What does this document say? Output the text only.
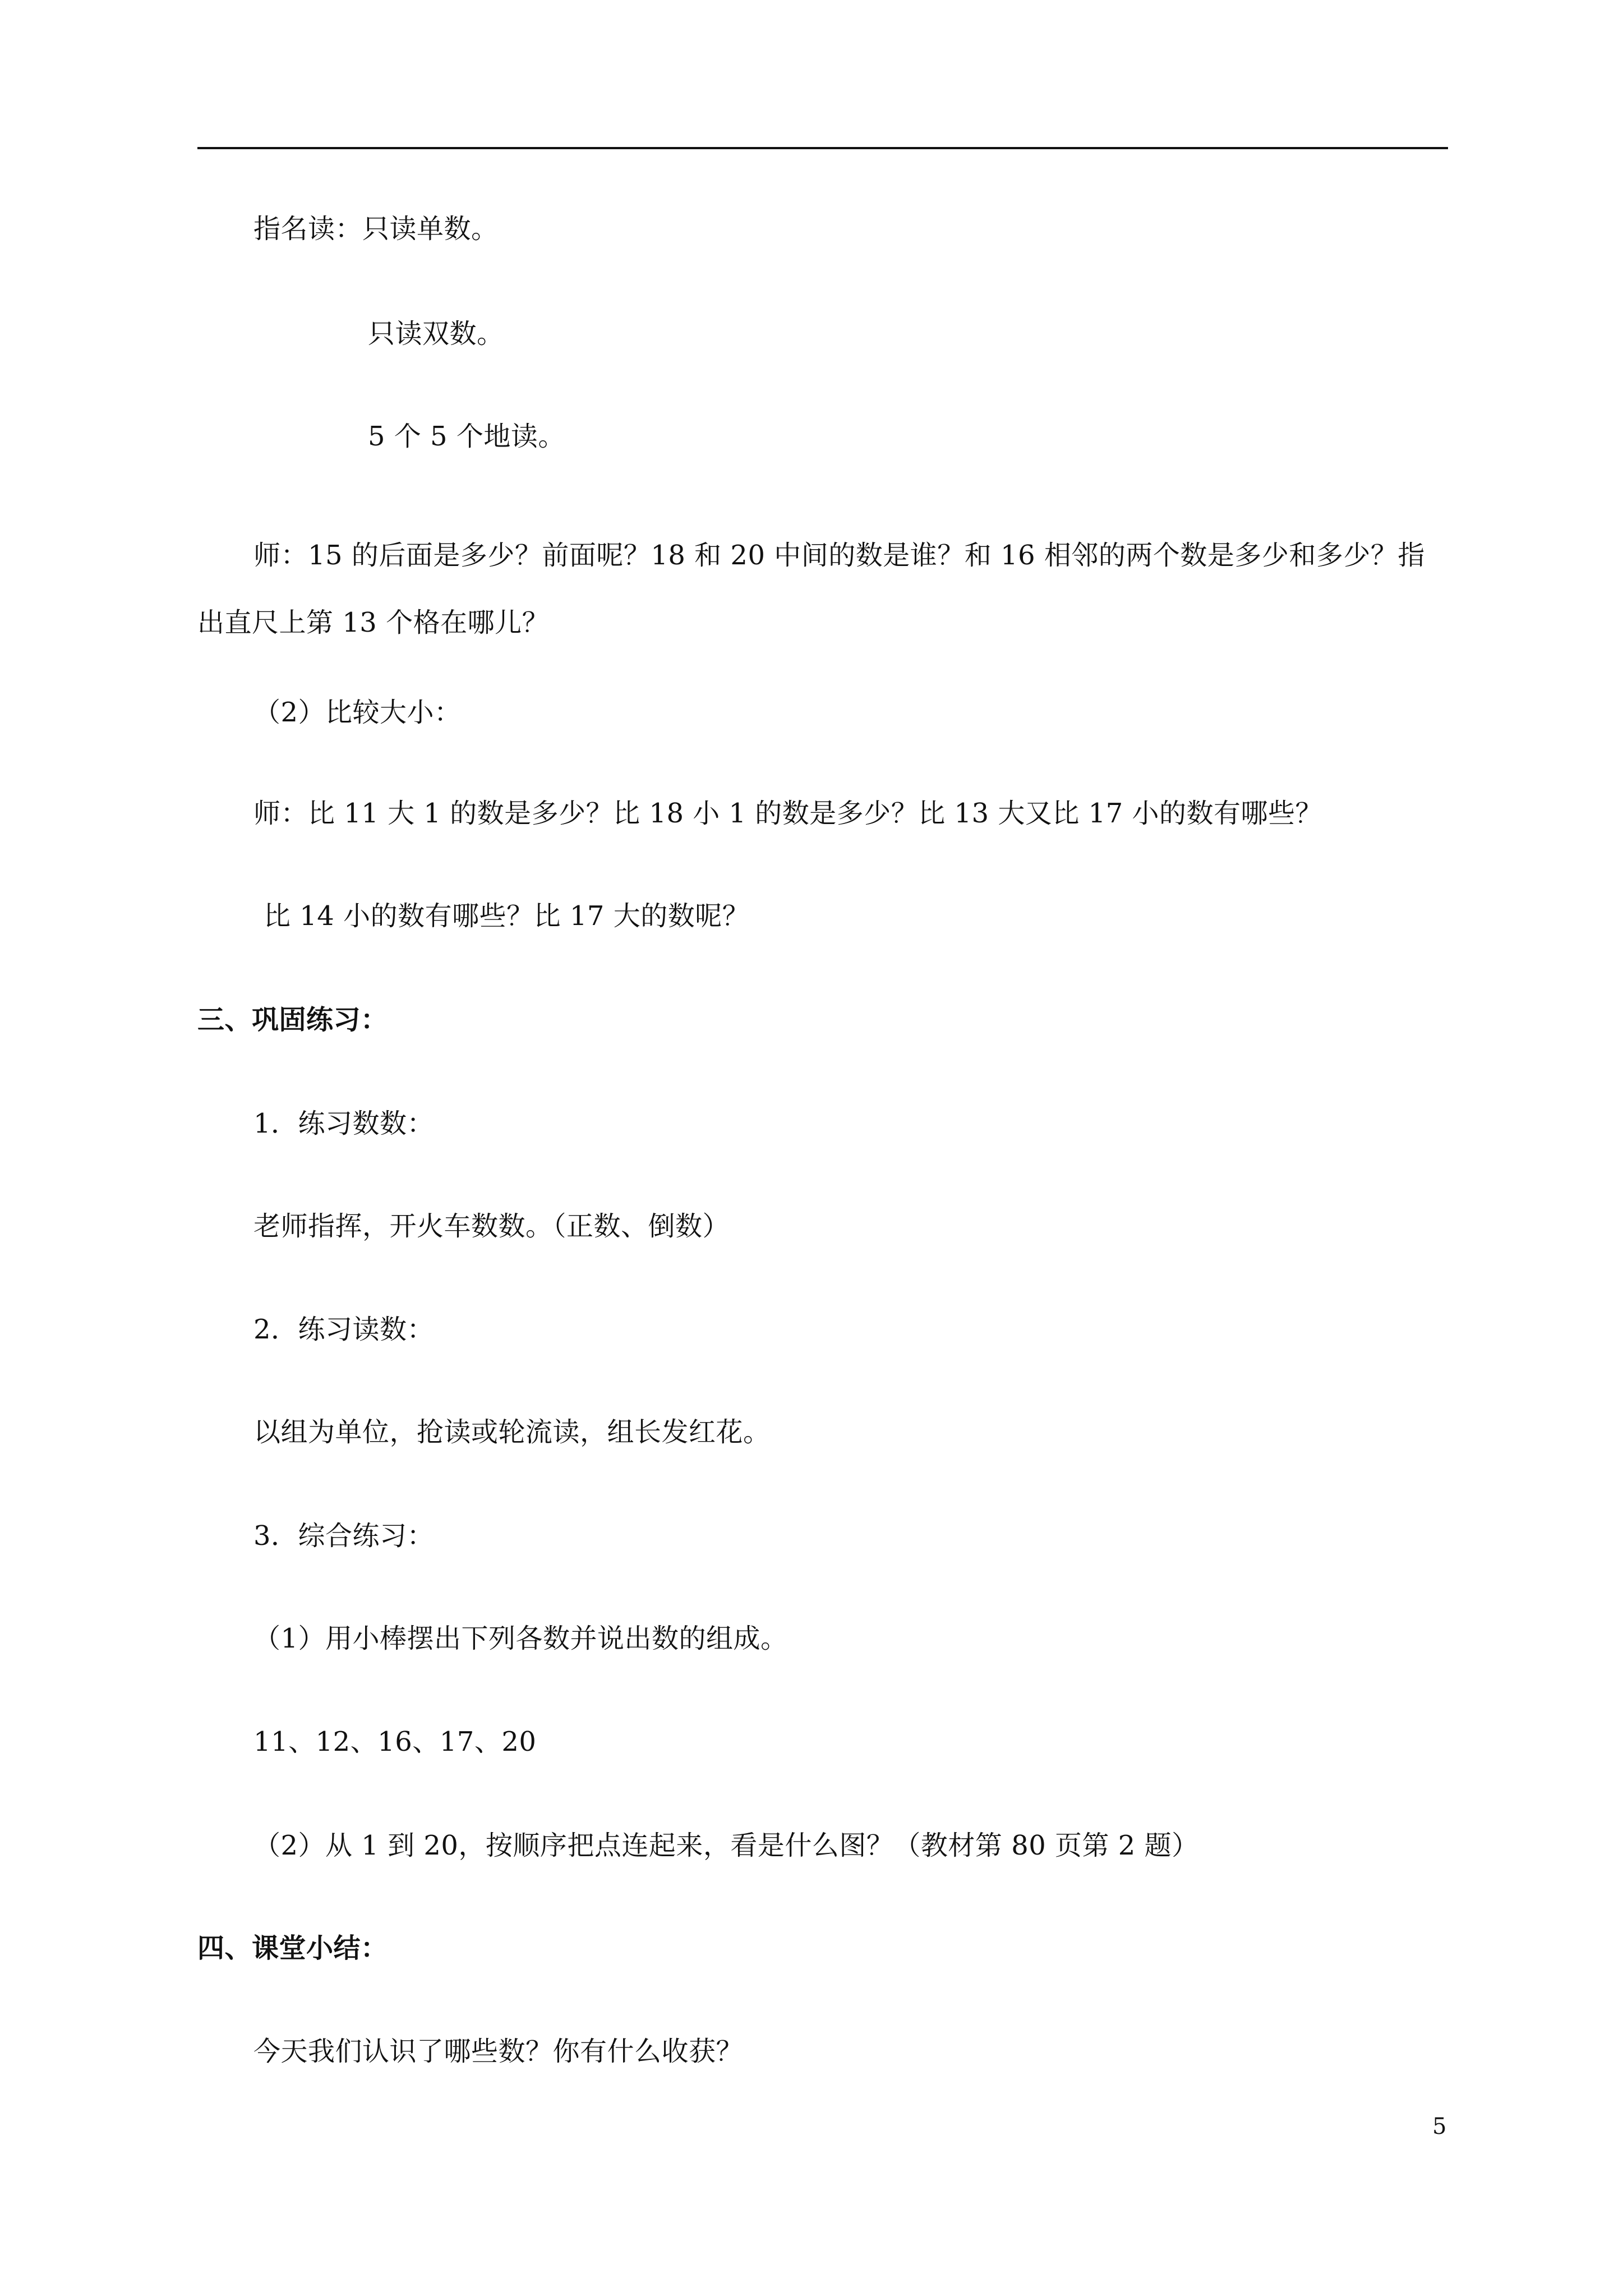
指名读：只读单数。
只读双数。
5 个 5 个地读。
师：15 的后面是多少？前面呢？18 和 20 中间的数是谁？和 16 相邻的两个数是多少和多少？指出直尺上第 13 个格在哪儿？
（2）比较大小：
师：比 11 大 1 的数是多少？比 18 小 1 的数是多少？比 13 大又比 17 小的数有哪些？
比 14 小的数有哪些？比 17 大的数呢？
三、巩固练习：
1．练习数数：
老师指挥，开火车数数。（正数、倒数）
2．练习读数：
以组为单位，抢读或轮流读，组长发红花。
3．综合练习：
（1）用小棒摆出下列各数并说出数的组成。
11、12、16、17、20
（2）从 1 到 20，按顺序把点连起来，看是什么图？（教材第 80 页第 2 题）
四、课堂小结：
今天我们认识了哪些数？你有什么收获？
5
